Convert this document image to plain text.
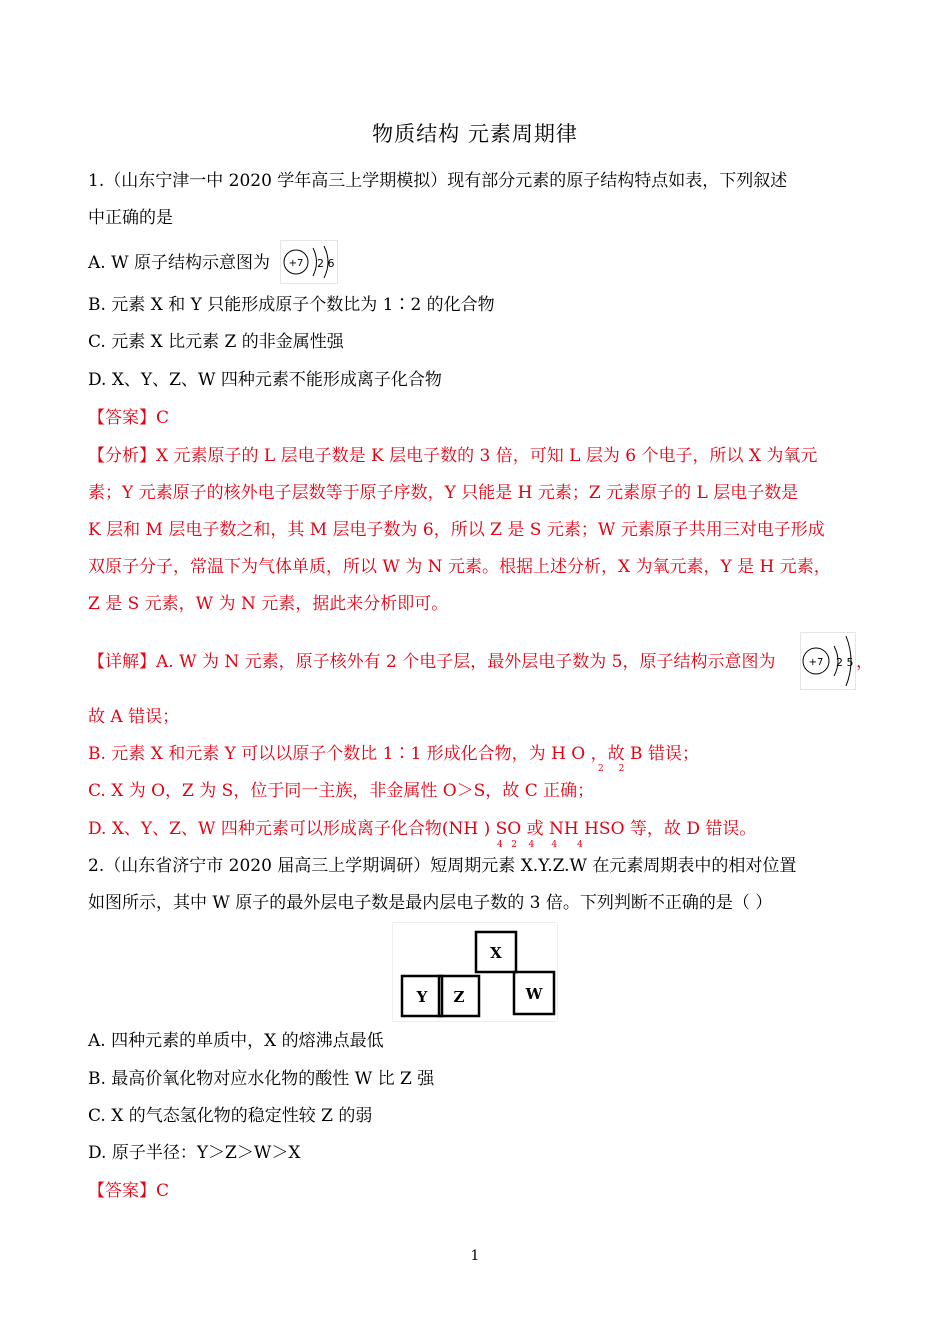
物质结构 元素周期律
1.（山东宁津一中 2020 学年高三上学期模拟）现有部分元素的原子结构特点如表，下列叙述
中正确的是
A. W 原子结构示意图为 +7 2 6
B. 元素 X 和 Y 只能形成原子个数比为 1∶2 的化合物
C. 元素 X 比元素 Z 的非金属性强
D. X、Y、Z、W 四种元素不能形成离子化合物
【答案】C
【分析】X 元素原子的 L 层电子数是 K 层电子数的 3 倍，可知 L 层为 6 个电子，所以 X 为氧元
素；Y 元素原子的核外电子层数等于原子序数，Y 只能是 H 元素；Z 元素原子的 L 层电子数是
K 层和 M 层电子数之和，其 M 层电子数为 6，所以 Z 是 S 元素；W 元素原子共用三对电子形成
双原子分子，常温下为气体单质，所以 W 为 N 元素。根据上述分析，X 为氧元素，Y 是 H 元素，
Z 是 S 元素，W 为 N 元素，据此来分析即可。
【详解】A. W 为 N 元素，原子核外有 2 个电子层，最外层电子数为 5，原子结构示意图为	+7 2 5 ，
故 A 错误；
B. 元素 X 和元素 Y 可以以原子个数比 1∶1 形成化合物，为 H O ，故 B 错误；
2 2
C. X 为 O，Z 为 S，位于同一主族，非金属性 O＞S，故 C 正确；
D. X、Y、Z、W 四种元素可以形成离子化合物(NH ) SO 或 NH HSO 等，故 D 错误。
4   2    4      4       4
2.（山东省济宁市 2020 届高三上学期调研）短周期元素 X.Y.Z.W 在元素周期表中的相对位置
如图所示，其中 W 原子的最外层电子数是最内层电子数的 3 倍。下列判断不正确的是（ ）
X
Y Z	W
A. 四种元素的单质中，X 的熔沸点最低
B. 最高价氧化物对应水化物的酸性 W 比 Z 强
C. X 的气态氢化物的稳定性较 Z 的弱
D. 原子半径：Y＞Z＞W＞X
【答案】C
1
